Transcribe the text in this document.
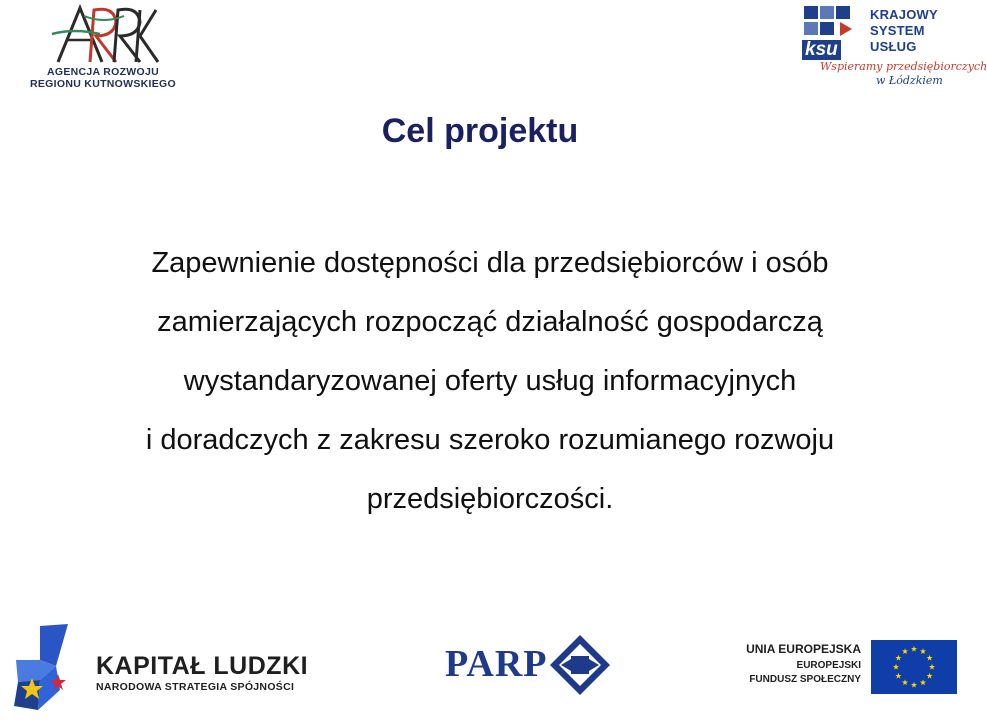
AGENCJA ROZWOJU
REGIONU KUTNOWSKIEGO
ksu
KRAJOWY
SYSTEM
USŁUG
Wspieramy przedsiębiorczych
w Łódzkiem
Cel projektu
Zapewnienie dostępności dla przedsiębiorców i osób
zamierzających rozpocząć działalność gospodarczą
wystandaryzowanej oferty usług informacyjnych
i doradczych z zakresu szeroko rozumianego rozwoju
przedsiębiorczości.
KAPITAŁ LUDZKI
NARODOWA STRATEGIA SPÓJNOŚCI
PARP	UNIA EUROPEJSKA
EUROPEJSKI
FUNDUSZ SPOŁECZNY
